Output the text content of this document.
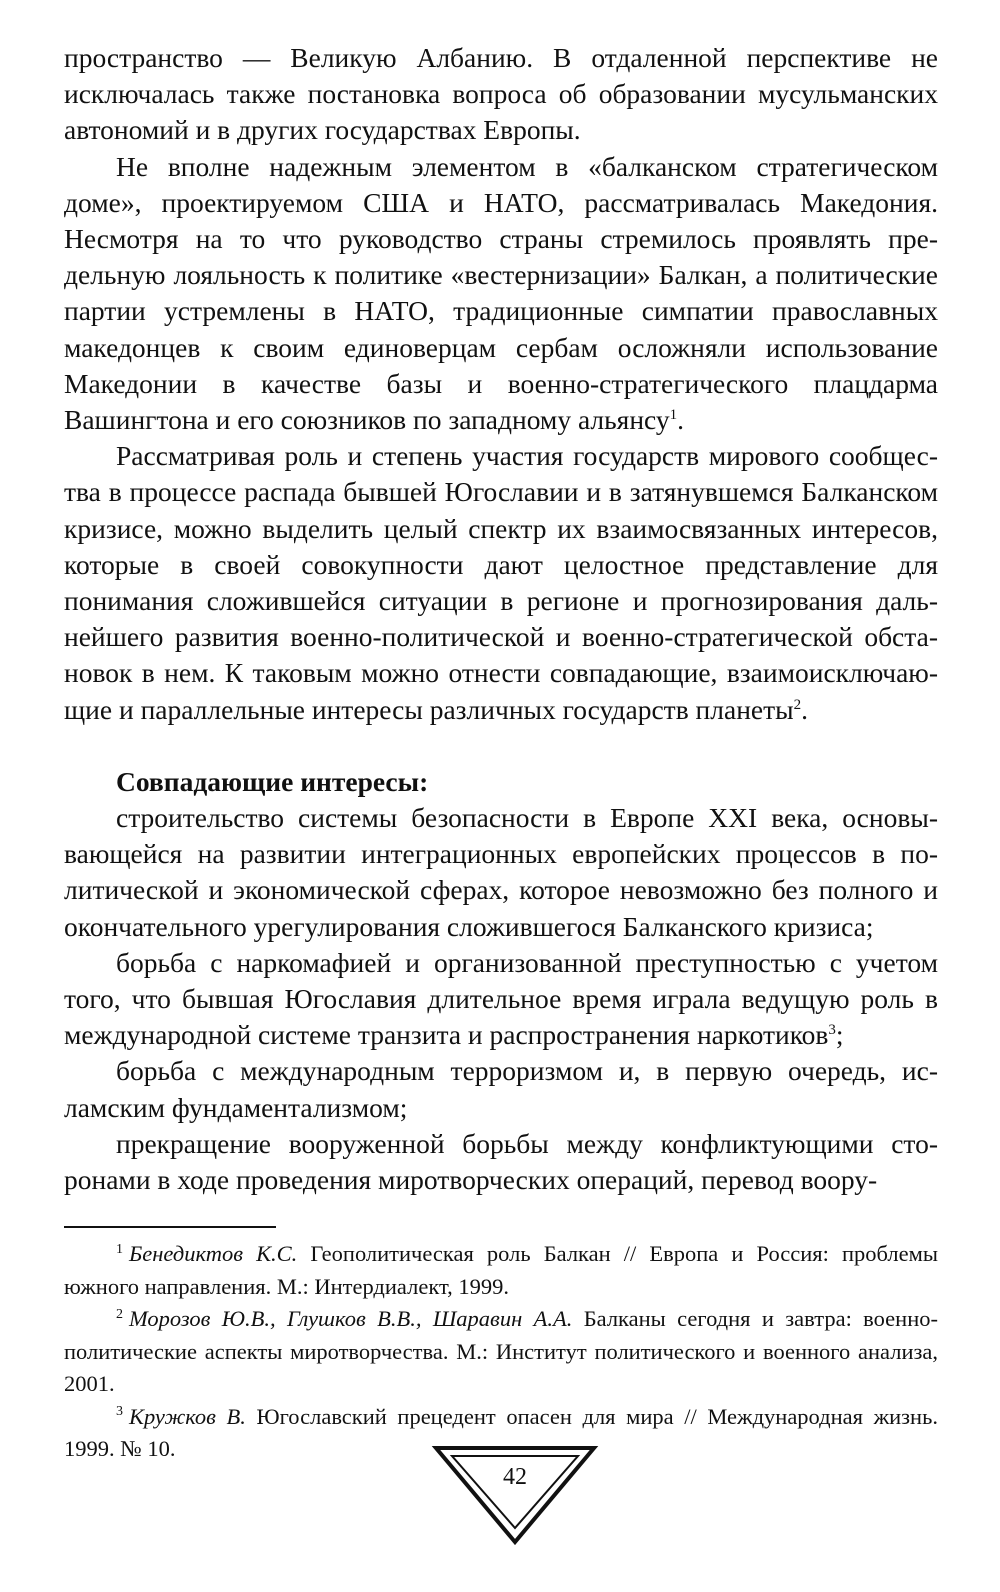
пространство — Великую Албанию. В отдаленной перспективе не исключалась также постановка вопроса об образовании мусульманских автономий и в других государствах Европы.

Не вполне надежным элементом в «балканском стратегическом доме», проектируемом США и НАТО, рассматривалась Македония. Несмотря на то что руководство страны стремилось проявлять предельную лояльность к политике «вестернизации» Балкан, а политические партии устремлены в НАТО, традиционные симпатии православных македонцев к своим единоверцам сербам осложняли использование Македонии в качестве базы и военно-стратегического плацдарма Вашингтона и его союзников по западному альянсу$^1$.

Рассматривая роль и степень участия государств мирового сообщества в процессе распада бывшей Югославии и в затянувшемся Балканском кризисе, можно выделить целый спектр их взаимосвязанных интересов, которые в своей совокупности дают целостное представление для понимания сложившейся ситуации в регионе и прогнозирования дальнейшего развития военно-политической и военно-стратегической обстановок в нем. К таковым можно отнести совпадающие, взаимоисключающие и параллельные интересы различных государств планеты$^2$.

Совпадающие интересы:

строительство системы безопасности в Европе XXI века, основывающейся на развитии интеграционных европейских процессов в политической и экономической сферах, которое невозможно без полного и окончательного урегулирования сложившегося Балканского кризиса;

борьба с наркомафией и организованной преступностью с учетом того, что бывшая Югославия длительное время играла ведущую роль в международной системе транзита и распространения наркотиков$^3$;

борьба с международным терроризмом и, в первую очередь, исламским фундаментализмом;

прекращение вооруженной борьбы между конфликтующими сторонами в ходе проведения миротворческих операций, перевод воору-

$^1$ Бенедиктов К.С. Геополитическая роль Балкан // Европа и Россия: проблемы южного направления. М.: Интердиалект, 1999.

$^2$ Морозов Ю.В., Глушков В.В., Шаравин А.А. Балканы сегодня и завтра: военно-политические аспекты миротворчества. М.: Институт политического и военного анализа, 2001.

$^3$ Кружков В. Югославский прецедент опасен для мира // Международная жизнь. 1999. № 10.

42
